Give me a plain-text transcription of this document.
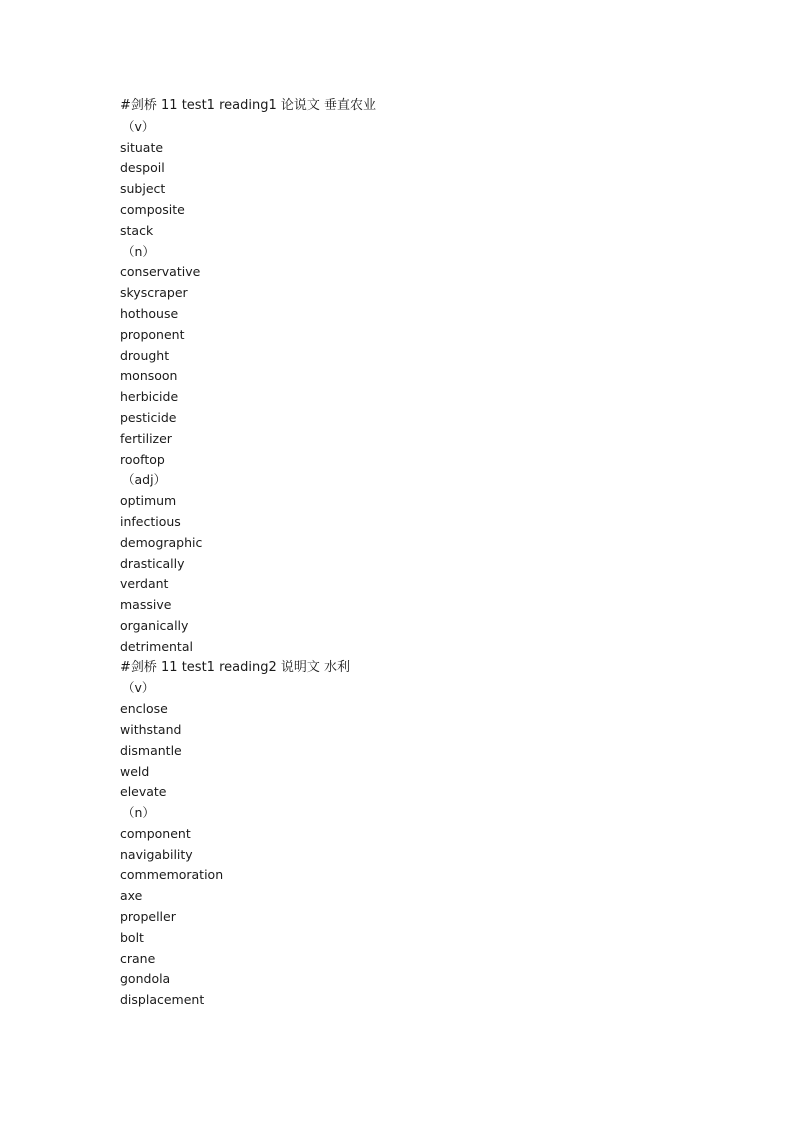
#剑桥 11 test1 reading1 论说文 垂直农业
（v）
situate
despoil
subject
composite
stack
（n）
conservative
skyscraper
hothouse
proponent
drought
monsoon
herbicide
pesticide
fertilizer
rooftop
（adj）
optimum
infectious
demographic
drastically
verdant
massive
organically
detrimental
#剑桥 11 test1 reading2 说明文 水利
（v）
enclose
withstand
dismantle
weld
elevate
（n）
component
navigability
commemoration
axe
propeller
bolt
crane
gondola
displacement
